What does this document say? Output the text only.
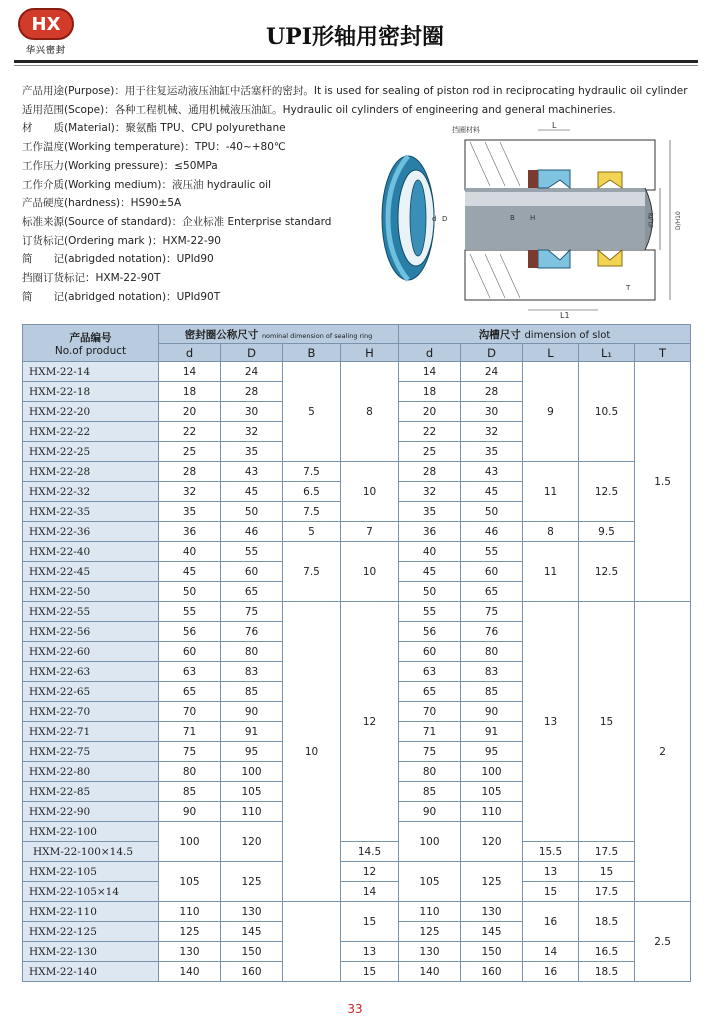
HX
华兴密封
UPI形轴用密封圈
产品用途(Purpose)：用于往复运动液压油缸中活塞杆的密封。It is used for sealing of piston rod in reciprocating hydraulic oil cylinder
适用范围(Scope)：各种工程机械、通用机械液压油缸。Hydraulic oil cylinders of engineering and general machineries.
材　　质(Material)：聚氨酯 TPU、CPU polyurethane
工作温度(Working temperature)：TPU：-40~+80℃
工作压力(Working pressure)：≤50MPa
工作介质(Working medium)：液压油 hydraulic oil
产品硬度(hardness)：HS90±5A
标准来源(Source of standard)：企业标准 Enterprise standard
订货标记(Ordering mark )：HXM-22-90
简　　记(abrigded notation)：UPId90
挡圈订货标记：HXM-22-90T
简　　记(abridged notation)：UPId90T
挡圈材料	L
L1
D
d	B H
T
d1/f8	D/H10
产品编号
No.of product	密封圈公称尺寸 nominal dimension of sealing ring				沟槽尺寸 dimension of slot				
	d	D	B	H	d	D	L	L₁	T
HXM-22-14	14	24	5	8	14	24	9	10.5	1.5
HXM-22-18	18	28			18	28			
HXM-22-20	20	30			20	30			
HXM-22-22	22	32			22	32			
HXM-22-25	25	35			25	35			
HXM-22-28	28	43	7.5	10	28	43	11	12.5	
HXM-22-32	32	45	6.5		32	45			
HXM-22-35	35	50	7.5		35	50			
HXM-22-36	36	46	5	7	36	46	8	9.5	
HXM-22-40	40	55	7.5	10	40	55	11	12.5	
HXM-22-45	45	60			45	60			
HXM-22-50	50	65			50	65			
HXM-22-55	55	75	10	12	55	75	13	15	2
HXM-22-56	56	76			56	76			
HXM-22-60	60	80			60	80			
HXM-22-63	63	83			63	83			
HXM-22-65	65	85			65	85			
HXM-22-70	70	90			70	90			
HXM-22-71	71	91			71	91			
HXM-22-75	75	95			75	95			
HXM-22-80	80	100			80	100			
HXM-22-85	85	105			85	105			
HXM-22-90	90	110			90	110			
HXM-22-100	100	120			100	120			
HXM-22-100×14.5				14.5			15.5	17.5	
HXM-22-105	105	125		12	105	125	13	15	
HXM-22-105×14				14			15	17.5	
HXM-22-110	110	130		15	110	130	16	18.5	2.5
HXM-22-125	125	145			125	145			
HXM-22-130	130	150		13	130	150	14	16.5	
HXM-22-140	140	160		15	140	160	16	18.5	
33
